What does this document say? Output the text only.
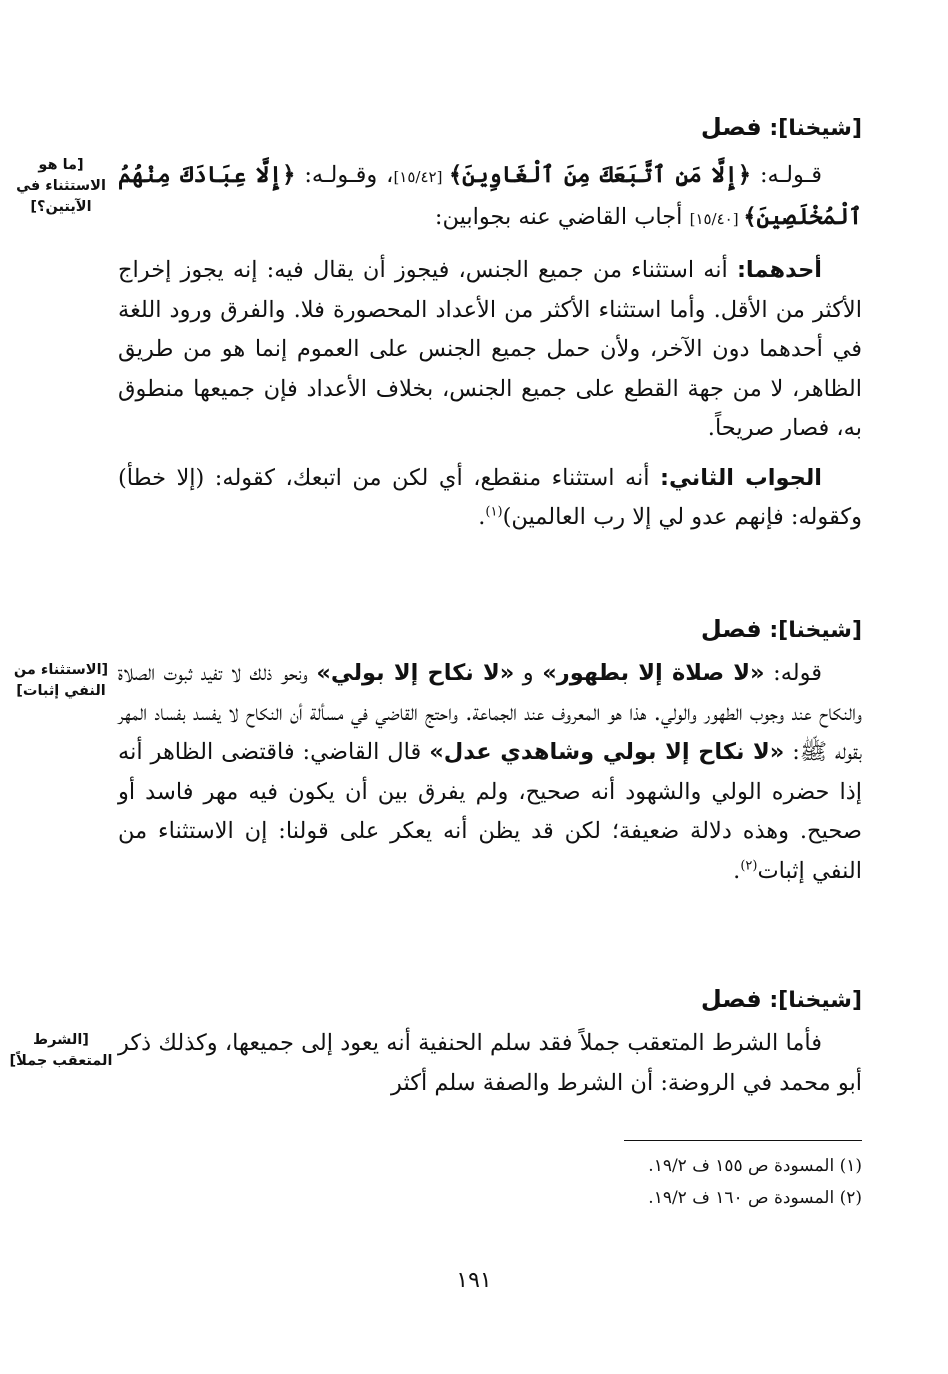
[شيخنا]: فصل
[ما هو الاستثناء في الآيتين؟]

قـولـه: ﴿إِلَّا مَنِ ٱتَّبَعَكَ مِنَ ٱلْغَاوِينَ﴾ [١٥/٤٢]، وقـولـه: ﴿إِلَّا عِبَادَكَ مِنْهُمُ ٱلْمُخْلَصِينَ﴾ [١٥/٤٠] أجاب القاضي عنه بجوابين:

أحدهما: أنه استثناء من جميع الجنس، فيجوز أن يقال فيه: إنه يجوز إخراج الأكثر من الأقل. وأما استثناء الأكثر من الأعداد المحصورة فلا. والفرق ورود اللغة في أحدهما دون الآخر، ولأن حمل جميع الجنس على العموم إنما هو من طريق الظاهر، لا من جهة القطع على جميع الجنس، بخلاف الأعداد فإن جميعها منطوق به، فصار صريحاً.

الجواب الثاني: أنه استثناء منقطع، أي لكن من اتبعك، كقوله: (إلا خطأ) وكقوله: فإنهم عدو لي إلا رب العالمين)$^{(١)}$.

[شيخنا]: فصل
[الاستثناء من النفي إثبات]

قوله: «لا صلاة إلا بطهور» و «لا نكاح إلا بولي» ونحو ذلك لا تفيد ثبوت الصلاة والنكاح عند وجوب الطهور والولي. هذا هو المعروف عند الجماعة. واحتج القاضي في مسألة أن النكاح لا يفسد بفساد المهر بقوله ﷺ: «لا نكاح إلا بولي وشاهدي عدل» قال القاضي: فاقتضى الظاهر أنه إذا حضره الولي والشهود أنه صحيح، ولم يفرق بين أن يكون فيه مهر فاسد أو صحيح. وهذه دلالة ضعيفة؛ لكن قد يظن أنه يعكر على قولنا: إن الاستثناء من النفي إثبات$^{(٢)}$.

[شيخنا]: فصل
[الشرط المتعقب جملاً]

فأما الشرط المتعقب جملاً فقد سلم الحنفية أنه يعود إلى جميعها، وكذلك ذكر أبو محمد في الروضة: أن الشرط والصفة سلم أكثر

(١) المسودة ص ١٥٥ ف ١٩/٢.
(٢) المسودة ص ١٦٠ ف ١٩/٢.
١٩١
